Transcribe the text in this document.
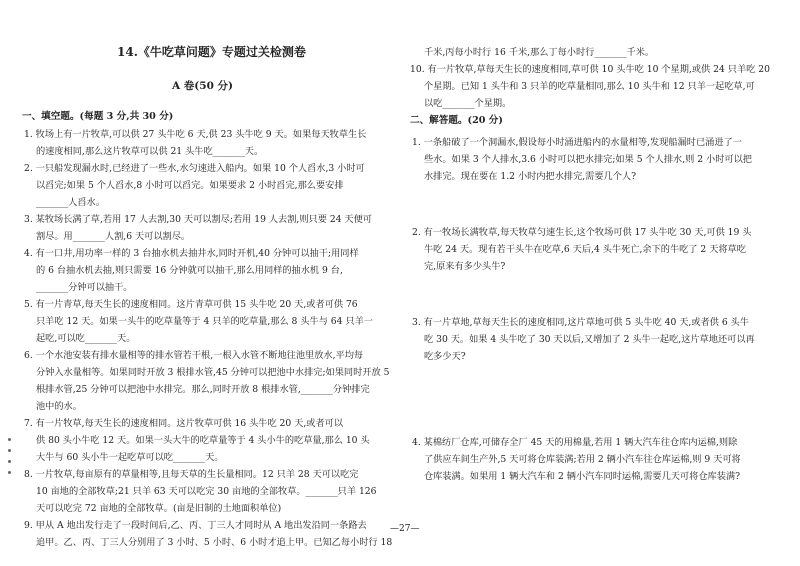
14.《牛吃草问题》专题过关检测卷
A 卷(50 分)
一、填空题。(每题 3 分,共 30 分)
1. 牧场上有一片牧草,可以供 27 头牛吃 6 天,供 23 头牛吃 9 天。如果每天牧草生长
的速度相同,那么这片牧草可以供 21 头牛吃_______天。
2. 一只船发现漏水时,已经进了一些水,水匀速进入船内。如果 10 个人舀水,3 小时可
以舀完;如果 5 个人舀水,8 小时可以舀完。如果要求 2 小时舀完,那么要安排
_______人舀水。
3. 某牧场长满了草,若用 17 人去割,30 天可以割尽;若用 19 人去割,则只要 24 天便可
割尽。用_______人割,6 天可以割尽。
4. 有一口井,用功率一样的 3 台抽水机去抽井水,同时开机,40 分钟可以抽干;用同样
的 6 台抽水机去抽,则只需要 16 分钟就可以抽干,那么用同样的抽水机 9 台,
_______分钟可以抽干。
5. 有一片青草,每天生长的速度相同。这片青草可供 15 头牛吃 20 天,或者可供 76
只羊吃 12 天。如果一头牛的吃草量等于 4 只羊的吃草量,那么 8 头牛与 64 只羊一
起吃,可以吃_______天。
6. 一个水池安装有排水量相等的排水管若干根,一根入水管不断地往池里放水,平均每
分钟入水量相等。如果同时开放 3 根排水管,45 分钟可以把池中水排完;如果同时开放 5
根排水管,25 分钟可以把池中水排完。那么,同时开放 8 根排水管,_______分钟排完
池中的水。
7. 有一片牧草,每天生长的速度相同。这片牧草可供 16 头牛吃 20 天,或者可以
供 80 头小牛吃 12 天。如果一头大牛的吃草量等于 4 头小牛的吃草量,那么 10 头
大牛与 60 头小牛一起吃草可以吃_______天。
8. 一片牧草,每亩原有的草量相等,且每天草的生长量相同。12 只羊 28 天可以吃完
10 亩地的全部牧草;21 只羊 63 天可以吃完 30 亩地的全部牧草。_______只羊 126
天可以吃完 72 亩地的全部牧草。(亩是旧制的土地面积单位)
9. 甲从 A 地出发行走了一段时间后,乙、丙、丁三人才同时从 A 地出发沿同一条路去
追甲。乙、丙、丁三人分别用了 3 小时、5 小时、6 小时才追上甲。已知乙每小时行 18
千米,丙每小时行 16 千米,那么丁每小时行_______千米。
10. 有一片牧草,草每天生长的速度相同,草可供 10 头牛吃 10 个星期,或供 24 只羊吃 20
个星期。已知 1 头牛和 3 只羊的吃草量相同,那么 10 头牛和 12 只羊一起吃草,可
以吃_______个星期。
二、解答题。(20 分)
1. 一条船破了一个洞漏水,假设每小时涌进船内的水量相等,发现船漏时已涌进了一
些水。如果 3 个人排水,3.6 小时可以把水排完;如果 5 个人排水,则 2 小时可以把
水排完。现在要在 1.2 小时内把水排完,需要几个人?
2. 有一牧场长满牧草,每天牧草匀速生长,这个牧场可供 17 头牛吃 30 天,可供 19 头
牛吃 24 天。现有若干头牛在吃草,6 天后,4 头牛死亡,余下的牛吃了 2 天将草吃
完,原来有多少头牛?
3. 有一片草地,草每天生长的速度相同,这片草地可供 5 头牛吃 40 天,或者供 6 头牛
吃 30 天。如果 4 头牛吃了 30 天以后,又增加了 2 头牛一起吃,这片草地还可以再
吃多少天?
4. 某棉纺厂仓库,可储存全厂 45 天的用棉量,若用 1 辆大汽车往仓库内运棉,则除
了供应车间生产外,5 天可将仓库装满;若用 2 辆小汽车往仓库运棉,则 9 天可将
仓库装满。如果用 1 辆大汽车和 2 辆小汽车同时运棉,需要几天可将仓库装满?
—27—
